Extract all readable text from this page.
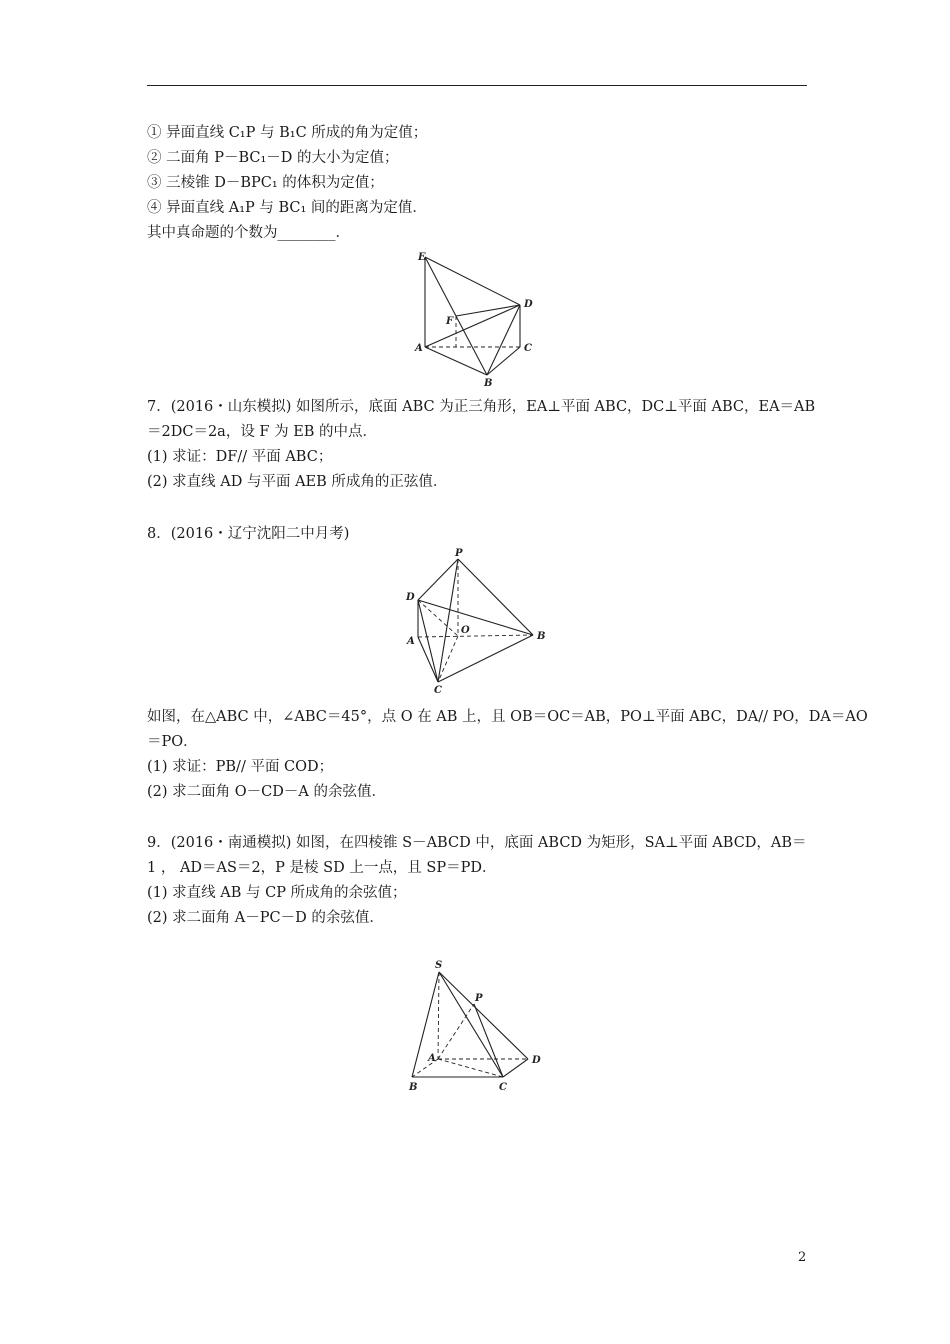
① 异面直线 C₁P 与 B₁C 所成的角为定值；
② 二面角 P－BC₁－D 的大小为定值；
③ 三棱锥 D－BPC₁ 的体积为定值；
④ 异面直线 A₁P 与 BC₁ 间的距离为定值．
其中真命题的个数为________．
E
D
F
A	C
B
7．(2016・山东模拟) 如图所示，底面 ABC 为正三角形，EA⊥平面 ABC，DC⊥平面 ABC，EA＝AB
＝2DC＝2a，设 F 为 EB 的中点．
(1) 求证：DF// 平面 ABC；
(2) 求直线 AD 与平面 AEB 所成角的正弦值．
8．(2016・辽宁沈阳二中月考)
P
D
O
B
A
C
如图，在△ABC 中，∠ABC＝45°，点 O 在 AB 上，且 OB＝OC＝AB，PO⊥平面 ABC，DA// PO，DA＝AO
＝PO．
(1) 求证：PB// 平面 COD；
(2) 求二面角 O－CD－A 的余弦值．
9．(2016・南通模拟) 如图，在四棱锥 S－ABCD 中，底面 ABCD 为矩形，SA⊥平面 ABCD，AB＝
1 ， AD＝AS＝2，P 是棱 SD 上一点，且 SP＝PD．
(1) 求直线 AB 与 CP 所成角的余弦值；
(2) 求二面角 A－PC－D 的余弦值．
S
P
A	D
B	C
2
